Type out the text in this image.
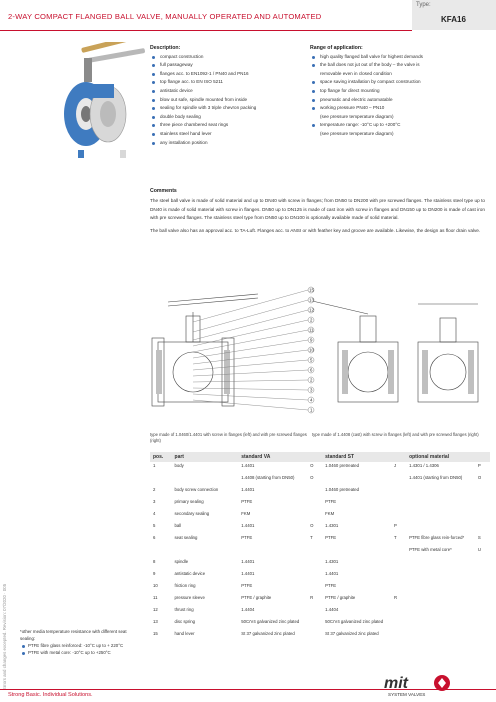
2-WAY COMPACT FLANGED BALL VALVE, MANUALLY OPERATED AND AUTOMATED
Type:
KFA16
Description:
compact construction
full passageway
flanges acc. to EN1092-1 / PN40 and PN16
top flange acc. to EN ISO 5211
antistatic device
blow out safe, spindle mounted from inside
sealing for spindle with 3 triple chevron packing
double body sealing
three piece chambered seat rings
stainless steel hand lever
any installation position
Range of application:
high quality flanged ball valve for highest demands
the ball does not jut out of the body – the valve is
removable even in closed condition
space saving installation by compact construction
top flange for direct mounting
pneumatic and electric automatable
working pressure PN40 – PN10
(see pressure temperature diagram)
temperature range: -10°C up to +200°C
(see pressure temperature diagram)
Comments

The steel ball valve is made of solid material and up to DN40 with screw in flanges; from DN50 to DN200 with pre screwed flanges. The stainless steel type up to DN40 is made of solid material with screw in flanges. DN50 up to DN125 is made of cast iron with screw in flanges and DN150 up to DN200 is made of cast iron with pre screwed flanges. The stainless steel type from DN50 up to DN100 is optionally available made of solid material.

The ball valve also has an approval acc. to TA-Luft. Flanges acc. to ANSI or with feather key and groove are available. Likewise, the design as floor drain valve.

15
13
12
2
11
9
10
5
6
2
3
4
1
type made of 1.0460/1.4401 with screw in flanges (left) and with pre screwed flanges (right)
type made of 1.4408 (cast) with screw in flanges (left) and with pre screwed flanges (right)
pos.	part	standard VA		standard ST		optional material	
1	body	1.4401	O	1.0460 pretreated	J	1.4301 / 1.4306	P
		1.4408 (starting from DN50)	O			1.4401 (starting from DN50)	O
2	body screw connection	1.4401		1.0460 pretreated			
3	primary sealing	PTFE		PTFE			
4	secondary sealing	FKM		FKM			
5	ball	1.4401	O	1.4301	P		
6	seat sealing	PTFE	T	PTFE	T	PTFE fibre glass rein-forced*	S
						PTFE with metal core*	U
8	spindle	1.4401		1.4301			
9	antistatic device	1.4401		1.4401			
10	friction ring	PTFE		PTFE			
11	pressure sleeve	PTFE / graphite	R	PTFE / graphite	R		
12	thrust ring	1.4404		1.4404			
13	disc spring	50CrV4 galvanized zinc plated		50CrV4 galvanized zinc plated			
15	hand lever	St 37 galvanized zinc plated		St 37 galvanized zinc plated			
*other media temperature resistance with different seat sealing:
PTFE fibre glass reinforced: -10°C up to + 220°C
PTFE with metal core: -10°C up to +250°C
Errors and changes excepted. Revision: 07/2020 · 005
Strong Basic. Individual Solutions.
mit
SYSTEM VALVES
